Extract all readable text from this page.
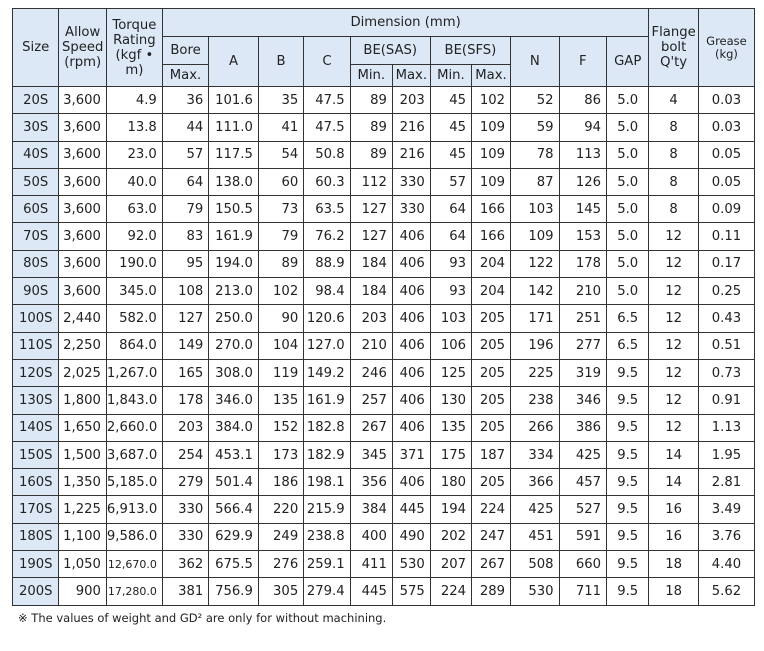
Size	Allow Speed (rpm)	Torque Rating (kgf • m)	Dimension (mm)											Flange bolt Q'ty	Grease (kg)
			Bore	A	B	C	BE(SAS)		BE(SFS)		N	F	GAP		
			Max.				Min.	Max.	Min.	Max.					
20S	3,600	4.9	36	101.6	35	47.5	89	203	45	102	52	86	5.0	4	0.03
30S	3,600	13.8	44	111.0	41	47.5	89	216	45	109	59	94	5.0	8	0.03
40S	3,600	23.0	57	117.5	54	50.8	89	216	45	109	78	113	5.0	8	0.05
50S	3,600	40.0	64	138.0	60	60.3	112	330	57	109	87	126	5.0	8	0.05
60S	3,600	63.0	79	150.5	73	63.5	127	330	64	166	103	145	5.0	8	0.09
70S	3,600	92.0	83	161.9	79	76.2	127	406	64	166	109	153	5.0	12	0.11
80S	3,600	190.0	95	194.0	89	88.9	184	406	93	204	122	178	5.0	12	0.17
90S	3,600	345.0	108	213.0	102	98.4	184	406	93	204	142	210	5.0	12	0.25
100S	2,440	582.0	127	250.0	90	120.6	203	406	103	205	171	251	6.5	12	0.43
110S	2,250	864.0	149	270.0	104	127.0	210	406	106	205	196	277	6.5	12	0.51
120S	2,025	1,267.0	165	308.0	119	149.2	246	406	125	205	225	319	9.5	12	0.73
130S	1,800	1,843.0	178	346.0	135	161.9	257	406	130	205	238	346	9.5	12	0.91
140S	1,650	2,660.0	203	384.0	152	182.8	267	406	135	205	266	386	9.5	12	1.13
150S	1,500	3,687.0	254	453.1	173	182.9	345	371	175	187	334	425	9.5	14	1.95
160S	1,350	5,185.0	279	501.4	186	198.1	356	406	180	205	366	457	9.5	14	2.81
170S	1,225	6,913.0	330	566.4	220	215.9	384	445	194	224	425	527	9.5	16	3.49
180S	1,100	9,586.0	330	629.9	249	238.8	400	490	202	247	451	591	9.5	16	3.76
190S	1,050	12,670.0	362	675.5	276	259.1	411	530	207	267	508	660	9.5	18	4.40
200S	900	17,280.0	381	756.9	305	279.4	445	575	224	289	530	711	9.5	18	5.62
※ The values of weight and GD² are only for without machining.
